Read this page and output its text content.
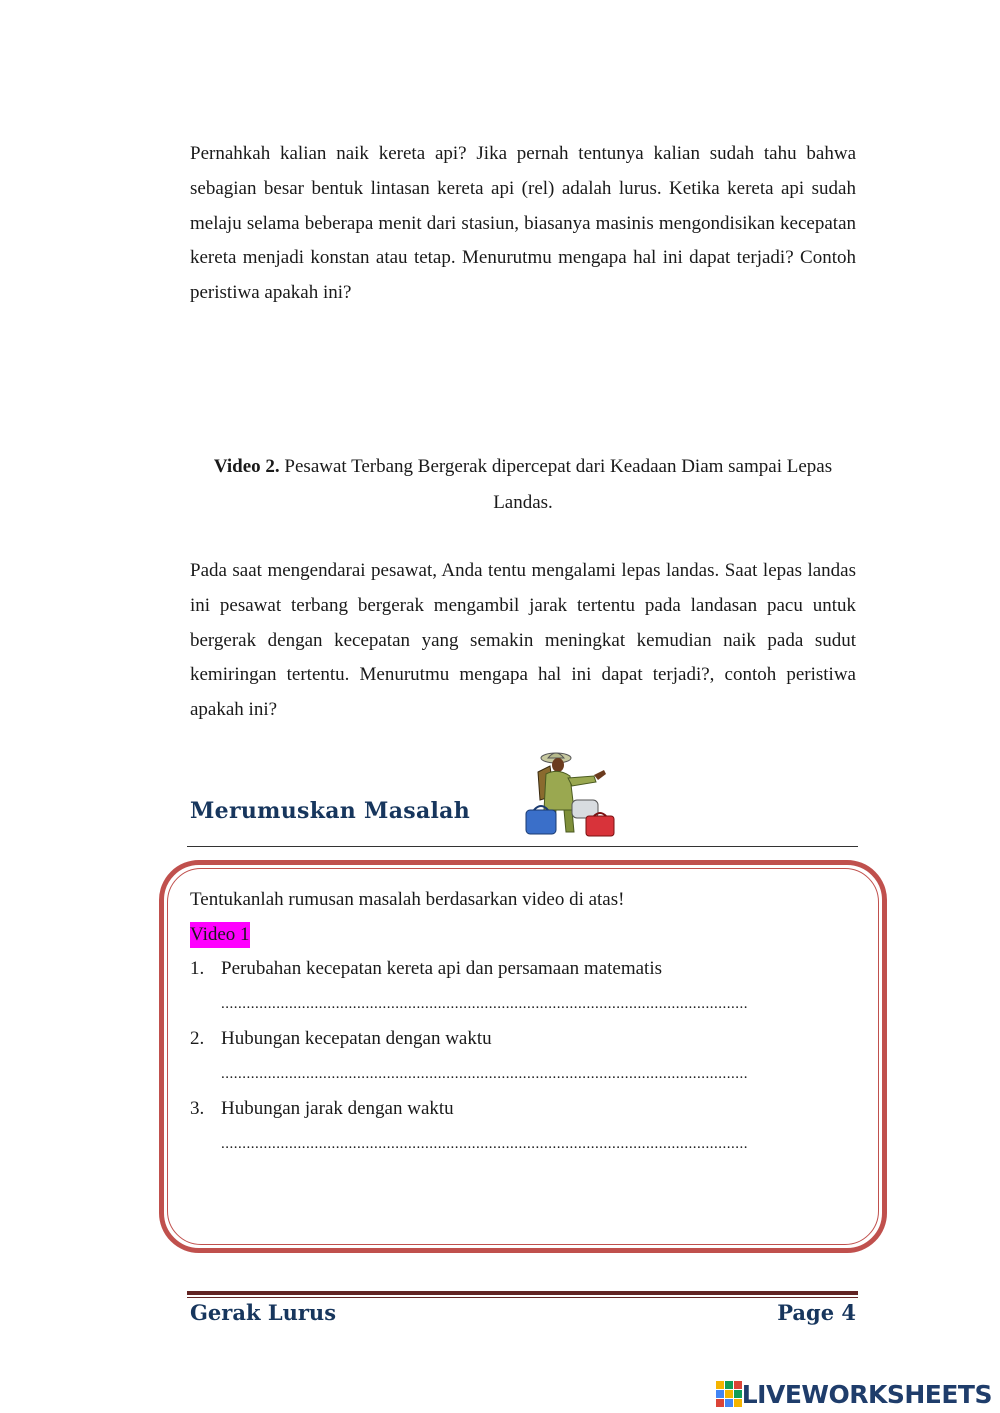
Pernahkah kalian naik kereta api? Jika pernah tentunya kalian sudah tahu bahwa sebagian besar bentuk lintasan kereta api (rel) adalah lurus. Ketika kereta api sudah melaju selama beberapa menit dari stasiun, biasanya masinis mengondisikan kecepatan kereta menjadi konstan atau tetap. Menurutmu mengapa hal ini dapat terjadi? Contoh peristiwa apakah ini?

Video 2. Pesawat Terbang Bergerak dipercepat dari Keadaan Diam sampai Lepas Landas.

Pada saat mengendarai pesawat, Anda tentu mengalami lepas landas. Saat lepas landas ini pesawat terbang bergerak mengambil jarak tertentu pada landasan pacu untuk bergerak dengan kecepatan yang semakin meningkat kemudian naik pada sudut kemiringan tertentu. Menurutmu mengapa hal ini dapat terjadi?, contoh peristiwa apakah ini?

Merumuskan Masalah

Tentukanlah rumusan masalah berdasarkan video di atas!

Video 1

1. Perubahan kecepatan kereta api dan persamaan matematis
............................................................................................................................
2. Hubungan kecepatan dengan waktu
............................................................................................................................
3. Hubungan jarak dengan waktu
............................................................................................................................

Gerak Lurus	Page 4

LIVEWORKSHEETS
